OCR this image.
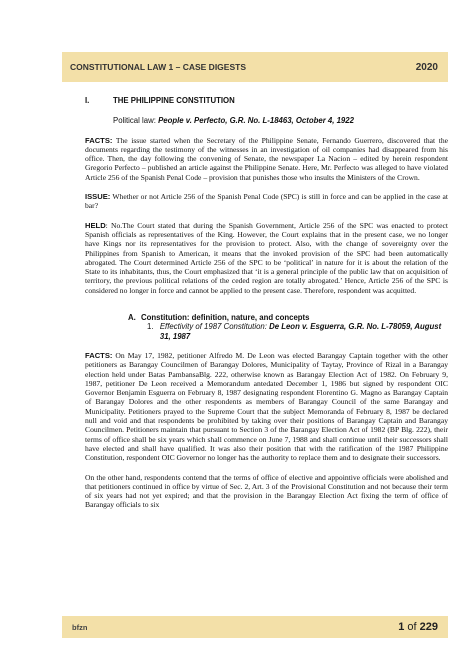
CONSTITUTIONAL LAW 1 – CASE DIGESTS	2020
I.	THE PHILIPPINE CONSTITUTION
Political law: People v. Perfecto, G.R. No. L-18463, October 4, 1922

FACTS: The issue started when the Secretary of the Philippine Senate, Fernando Guerrero, discovered that the documents regarding the testimony of the witnesses in an investigation of oil companies had disappeared from his office. Then, the day following the convening of Senate, the newspaper La Nacion – edited by herein respondent Gregorio Perfecto – published an article against the Philippine Senate. Here, Mr. Perfecto was alleged to have violated Article 256 of the Spanish Penal Code – provision that punishes those who insults the Ministers of the Crown.

ISSUE: Whether or not Article 256 of the Spanish Penal Code (SPC) is still in force and can be applied in the case at bar?

HELD: No.The Court stated that during the Spanish Government, Article 256 of the SPC was enacted to protect Spanish officials as representatives of the King. However, the Court explains that in the present case, we no longer have Kings nor its representatives for the provision to protect. Also, with the change of sovereignty over the Philippines from Spanish to American, it means that the invoked provision of the SPC had been automatically abrogated. The Court determined Article 256 of the SPC to be ‘political’ in nature for it is about the relation of the State to its inhabitants, thus, the Court emphasized that ‘it is a general principle of the public law that on acquisition of territory, the previous political relations of the ceded region are totally abrogated.’ Hence, Article 256 of the SPC is considered no longer in force and cannot be applied to the present case. Therefore, respondent was acquitted.

A. Constitution: definition, nature, and concepts
1. Effectivity of 1987 Constitution: De Leon v. Esguerra, G.R. No. L-78059, August 31, 1987

FACTS: On May 17, 1982, petitioner Alfredo M. De Leon was elected Barangay Captain together with the other petitioners as Barangay Councilmen of Barangay Dolores, Municipality of Taytay, Province of Rizal in a Barangay election held under Batas PambansaBlg. 222, otherwise known as Barangay Election Act of 1982. On February 9, 1987, petitioner De Leon received a Memorandum antedated December 1, 1986 but signed by respondent OIC Governor Benjamin Esguerra on February 8, 1987 designating respondent Florentino G. Magno as Barangay Captain of Barangay Dolores and the other respondents as members of Barangay Council of the same Barangay and Municipality. Petitioners prayed to the Supreme Court that the subject Memoranda of February 8, 1987 be declared null and void and that respondents be prohibited by taking over their positions of Barangay Captain and Barangay Councilmen. Petitioners maintain that pursuant to Section 3 of the Barangay Election Act of 1982 (BP Blg. 222), their terms of office shall be six years which shall commence on June 7, 1988 and shall continue until their successors shall have elected and shall have qualified. It was also their position that with the ratification of the 1987 Philippine Constitution, respondent OIC Governor no longer has the authority to replace them and to designate their successors.

On the other hand, respondents contend that the terms of office of elective and appointive officials were abolished and that petitioners continued in office by virtue of Sec. 2, Art. 3 of the Provisional Constitution and not because their term of six years had not yet expired; and that the provision in the Barangay Election Act fixing the term of office of Barangay officials to six

bfzn	1 of 229
